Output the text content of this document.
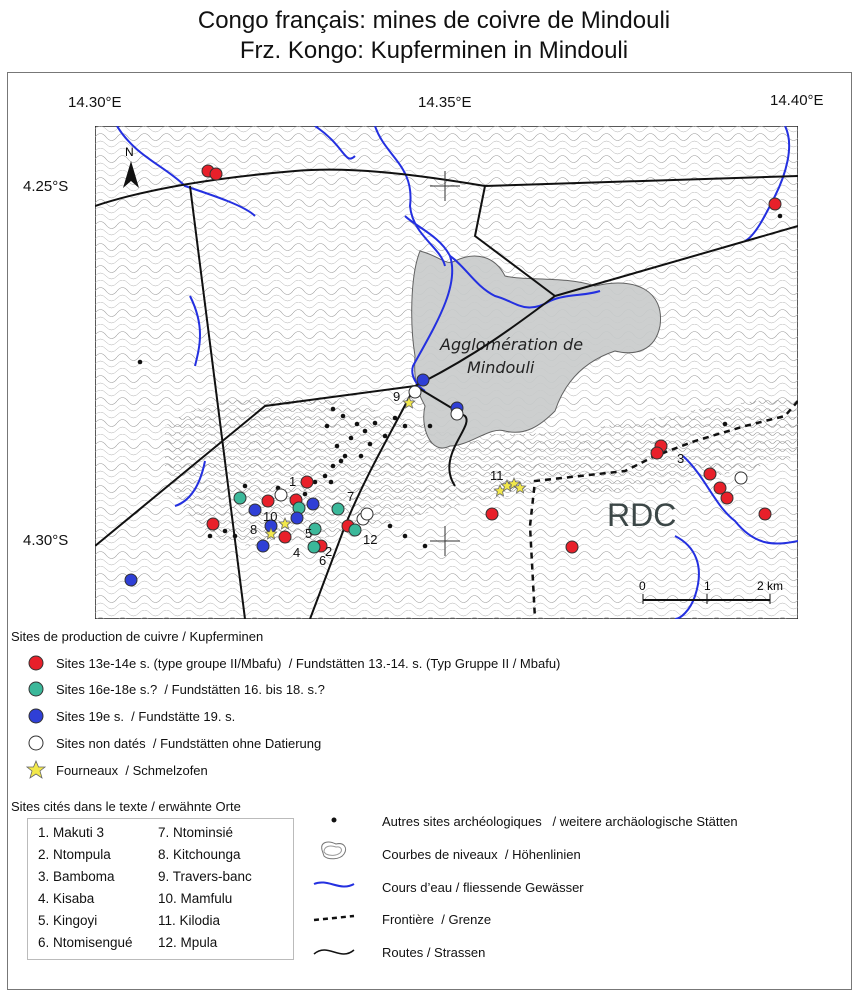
Congo français: mines de coivre de Mindouli
Frz. Kongo: Kupferminen in Mindouli
14.30°E	14.35°E	14.40°E
4.25°S
4.30°S
Agglomération de
Mindouli
N
RDC
0	1	2 km
1
2
3
4
5
6
7
8
9
10
11
12
Sites de production de cuivre / Kupferminen
Sites 13e-14e s. (type groupe II/Mbafu) / Fundstätten 13.-14. s. (Typ Gruppe II / Mbafu)
Sites 16e-18e s.? / Fundstätten 16. bis 18. s.?
Sites 19e s. / Fundstätte 19. s.
Sites non datés / Fundstätten ohne Datierung
Fourneaux / Schmelzofen
Sites cités dans le texte / erwähnte Orte
1. Makuti 3
2. Ntompula
3. Bamboma
4. Kisaba
5. Kingoyi
6. Ntomisengué
7. Ntominsié
8. Kitchounga
9. Travers-banc
10. Mamfulu
11. Kilodia
12. Mpula
Autres sites archéologiques / weitere archäologische Stätten
Courbes de niveaux / Höhenlinien
Cours d’eau / fliessende Gewässer
Frontière / Grenze
Routes / Strassen
